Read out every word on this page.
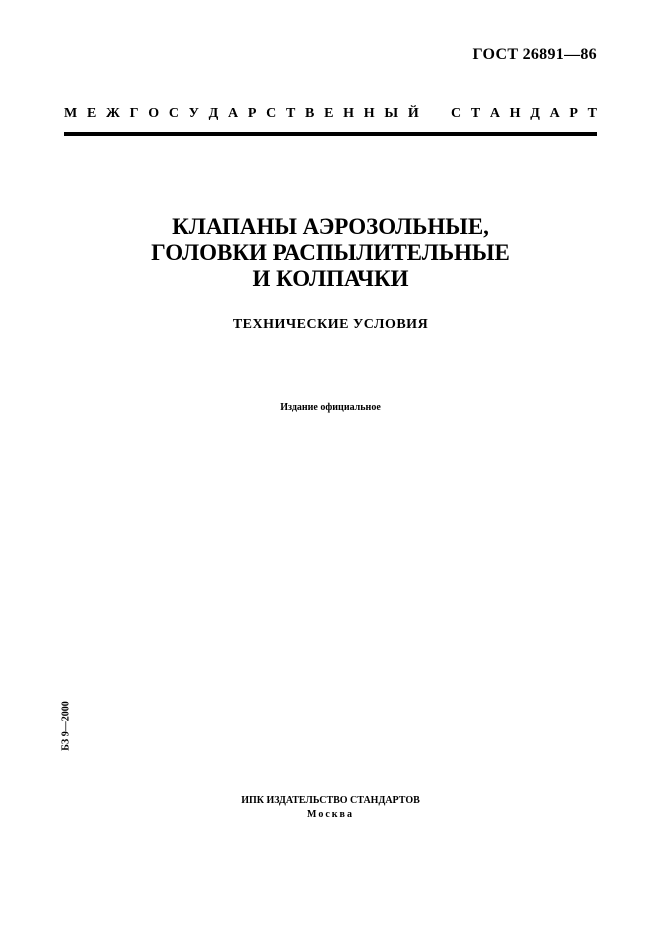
ГОСТ 26891—86
М Е Ж Г О С У Д А Р С Т В Е Н Н Ы Й С Т А Н Д А Р Т
КЛАПАНЫ АЭРОЗОЛЬНЫЕ,
ГОЛОВКИ РАСПЫЛИТЕЛЬНЫЕ
И КОЛПАЧКИ
ТЕХНИЧЕСКИЕ УСЛОВИЯ
Издание официальное
БЗ 9—2000
ИПК ИЗДАТЕЛЬСТВО СТАНДАРТОВ
Москва
